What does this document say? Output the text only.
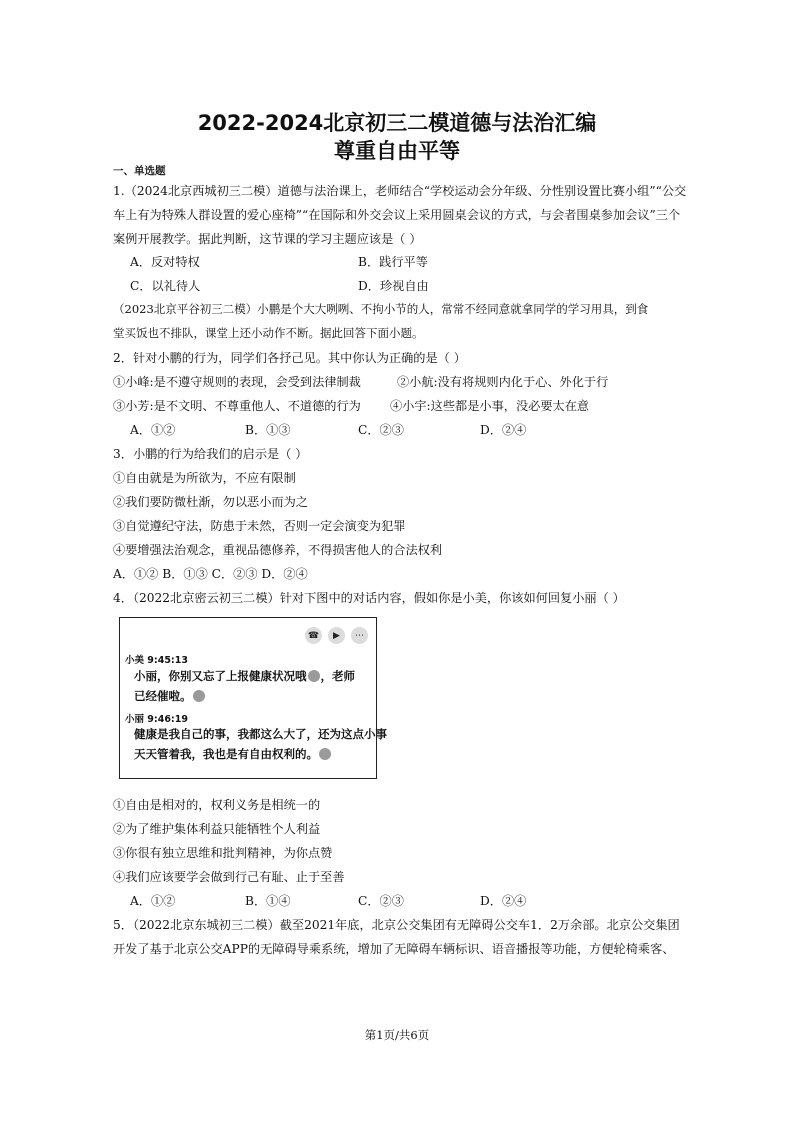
2022-2024北京初三二模道德与法治汇编
尊重自由平等
一、单选题
1.（2024北京西城初三二模）道德与法治课上，老师结合“学校运动会分年级、分性别设置比赛小组”“公交
车上有为特殊人群设置的爱心座椅”“在国际和外交会议上采用圆桌会议的方式，与会者围桌参加会议”三个
案例开展教学。据此判断，这节课的学习主题应该是（ ）
A．反对特权	B．践行平等
C．以礼待人	D．珍视自由
（2023北京平谷初三二模）小鹏是个大大咧咧、不拘小节的人，常常不经同意就拿同学的学习用具，到食
堂买饭也不排队，课堂上还小动作不断。据此回答下面小题。
2．针对小鹏的行为，同学们各抒己见。其中你认为正确的是（ ）
①小峰:是不遵守规则的表现，会受到法律制裁	②小航:没有将规则内化于心、外化于行
③小芳:是不文明、不尊重他人、不道德的行为 ④小宇:这些都是小事，没必要太在意
A．①②	B．①③	C．②③	D．②④
3．小鹏的行为给我们的启示是（ ）
①自由就是为所欲为，不应有限制
②我们要防微杜渐，勿以恶小而为之
③自觉遵纪守法，防患于未然，否则一定会演变为犯罪
④要增强法治观念，重视品德修养，不得损害他人的合法权利
A．①② B．①③ C．②③ D．②④
4．（2022北京密云初三二模）针对下图中的对话内容，假如你是小美，你该如何回复小丽（ ）
☎	▶	⋯
小美 9:45:13
小丽，你别又忘了上报健康状况哦 ，老师
已经催啦。
小丽 9:46:19
健康是我自己的事，我都这么大了，还为这点小事
天天管着我，我也是有自由权利的。
①自由是相对的，权利义务是相统一的
②为了维护集体利益只能牺牲个人利益
③你很有独立思维和批判精神，为你点赞
④我们应该要学会做到行己有耻、止于至善
A．①②	B．①④	C．②③	D．②④
5．（2022北京东城初三二模）截至2021年底，北京公交集团有无障碍公交车1．2万余部。北京公交集团
开发了基于北京公交APP的无障碍导乘系统，增加了无障碍车辆标识、语音播报等功能，方便轮椅乘客、
第1页/共6页
